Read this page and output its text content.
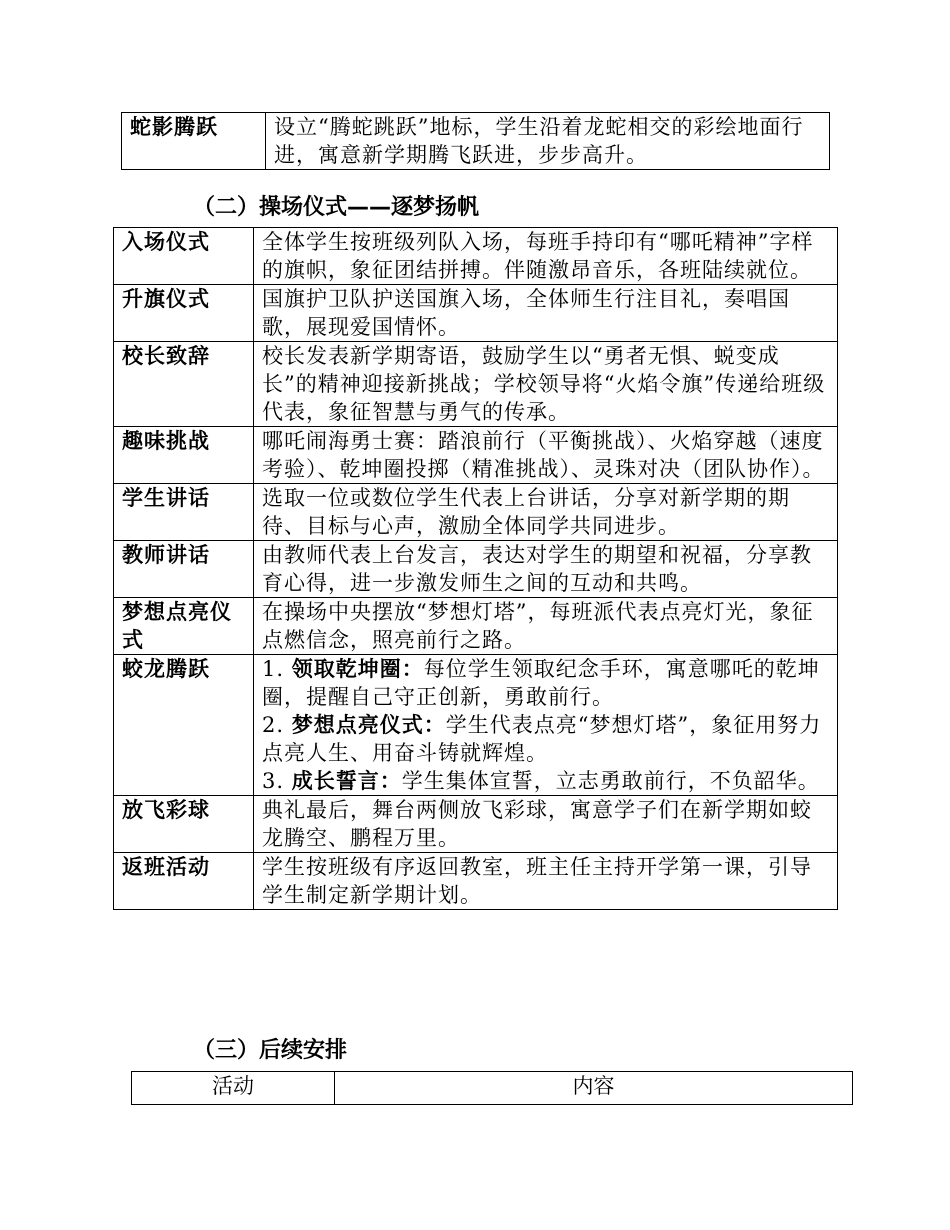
蛇影腾跃	设立“腾蛇跳跃”地标，学生沿着龙蛇相交的彩绘地面行进，寓意新学期腾飞跃进，步步高升。
（二）操场仪式——逐梦扬帆
入场仪式	全体学生按班级列队入场，每班手持印有“哪吒精神”字样的旗帜，象征团结拼搏。伴随激昂音乐，各班陆续就位。
升旗仪式	国旗护卫队护送国旗入场，全体师生行注目礼，奏唱国歌，展现爱国情怀。
校长致辞	校长发表新学期寄语，鼓励学生以“勇者无惧、蜕变成长”的精神迎接新挑战；学校领导将“火焰令旗”传递给班级代表，象征智慧与勇气的传承。
趣味挑战	哪吒闹海勇士赛：踏浪前行（平衡挑战）、火焰穿越（速度考验）、乾坤圈投掷（精准挑战）、灵珠对决（团队协作）。
学生讲话	选取一位或数位学生代表上台讲话，分享对新学期的期待、目标与心声，激励全体同学共同进步。
教师讲话	由教师代表上台发言，表达对学生的期望和祝福，分享教育心得，进一步激发师生之间的互动和共鸣。
梦想点亮仪式	在操场中央摆放“梦想灯塔”，每班派代表点亮灯光，象征点燃信念，照亮前行之路。
蛟龙腾跃	1. 领取乾坤圈：每位学生领取纪念手环，寓意哪吒的乾坤圈，提醒自己守正创新，勇敢前行。
2. 梦想点亮仪式：学生代表点亮“梦想灯塔”，象征用努力点亮人生、用奋斗铸就辉煌。
3. 成长誓言：学生集体宣誓，立志勇敢前行，不负韶华。

放飞彩球	典礼最后，舞台两侧放飞彩球，寓意学子们在新学期如蛟龙腾空、鹏程万里。
返班活动	学生按班级有序返回教室，班主任主持开学第一课，引导学生制定新学期计划。
（三）后续安排
活动	内容
